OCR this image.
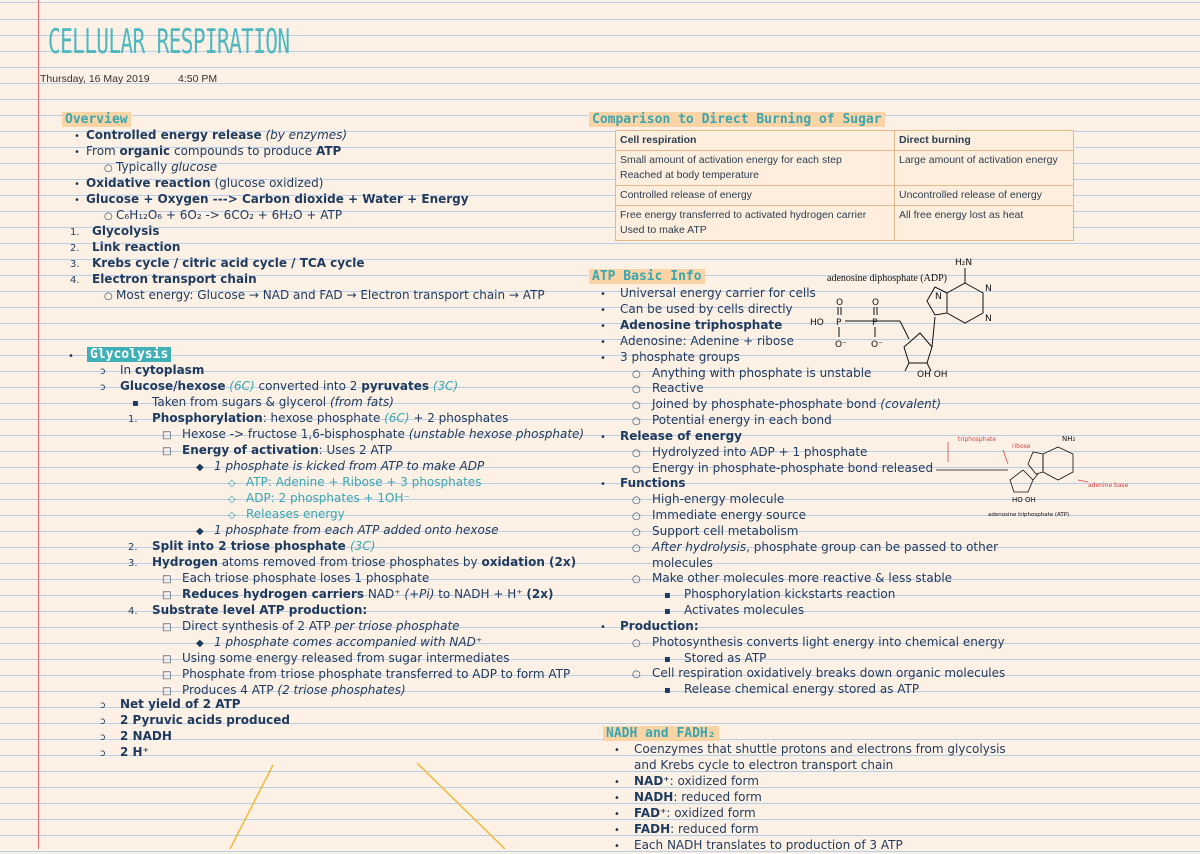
CELLULAR RESPIRATION
Thursday, 16 May 2019	4:50 PM
Overview
• Controlled energy release (by enzymes)
• From organic compounds to produce ATP
○ Typically glucose
• Oxidative reaction (glucose oxidized)
• Glucose + Oxygen ---> Carbon dioxide + Water + Energy
○ C₆H₁₂O₆ + 6O₂ -> 6CO₂ + 6H₂O + ATP
1. Glycolysis
2. Link reaction
3. Krebs cycle / citric acid cycle / TCA cycle
4. Electron transport chain
○ Most energy: Glucose → NAD and FAD → Electron transport chain → ATP
•	Glycolysis
ͻ In cytoplasm
ͻ Glucose/hexose (6C) converted into 2 pyruvates (3C)
▪ Taken from sugars & glycerol (from fats)
1. Phosphorylation: hexose phosphate (6C) + 2 phosphates
□ Hexose -> fructose 1,6-bisphosphate (unstable hexose phosphate)
□ Energy of activation: Uses 2 ATP
◆ 1 phosphate is kicked from ATP to make ADP
◇ ATP: Adenine + Ribose + 3 phosphates
◇ ADP: 2 phosphates + 1OH⁻
◇ Releases energy
◆ 1 phosphate from each ATP added onto hexose
2. Split into 2 triose phosphate (3C)
3. Hydrogen atoms removed from triose phosphates by oxidation (2x)
□ Each triose phosphate loses 1 phosphate
□ Reduces hydrogen carriers NAD⁺ (+Pi) to NADH + H⁺ (2x)
4. Substrate level ATP production:
□ Direct synthesis of 2 ATP per triose phosphate
◆ 1 phosphate comes accompanied with NAD⁺
□ Using some energy released from sugar intermediates
□ Phosphate from triose phosphate transferred to ADP to form ATP
□ Produces 4 ATP (2 triose phosphates)
ͻ Net yield of 2 ATP
ͻ 2 Pyruvic acids produced
ͻ 2 NADH
ͻ 2 H⁺
Comparison to Direct Burning of Sugar
Cell respiration	Direct burning

Small amount of activation energy for each step
Reached at body temperature	Large amount of activation energy
Controlled release of energy	Uncontrolled release of energy

Free energy transferred to activated hydrogen carrier
Used to make ATP	All free energy lost as heat
ATP Basic Info
• Universal energy carrier for cells
• Can be used by cells directly
• Adenosine triphosphate
• Adenosine: Adenine + ribose
• 3 phosphate groups
○ Anything with phosphate is unstable
○ Reactive
○ Joined by phosphate-phosphate bond (covalent)
○ Potential energy in each bond
• Release of energy
○ Hydrolyzed into ADP + 1 phosphate
○ Energy in phosphate-phosphate bond released
• Functions
○ High-energy molecule
○ Immediate energy source
○ Support cell metabolism
○ After hydrolysis, phosphate group can be passed to other
molecules
○ Make other molecules more reactive & less stable
▪ Phosphorylation kickstarts reaction
▪ Activates molecules
• Production:
○ Photosynthesis converts light energy into chemical energy
▪ Stored as ATP
○ Cell respiration oxidatively breaks down organic molecules
▪ Release chemical energy stored as ATP
adenosine diphosphate (ADP)
H₂N
HO P	P
O	O
O⁻	O⁻
N
N
N
OH OH
triphosphate
ribose
NH₂
adenine base
HO OH
adenosine triphosphate (ATP)
NADH and FADH₂
• Coenzymes that shuttle protons and electrons from glycolysis
and Krebs cycle to electron transport chain
• NAD⁺: oxidized form
• NADH: reduced form
• FAD⁺: oxidized form
• FADH: reduced form
• Each NADH translates to production of 3 ATP
